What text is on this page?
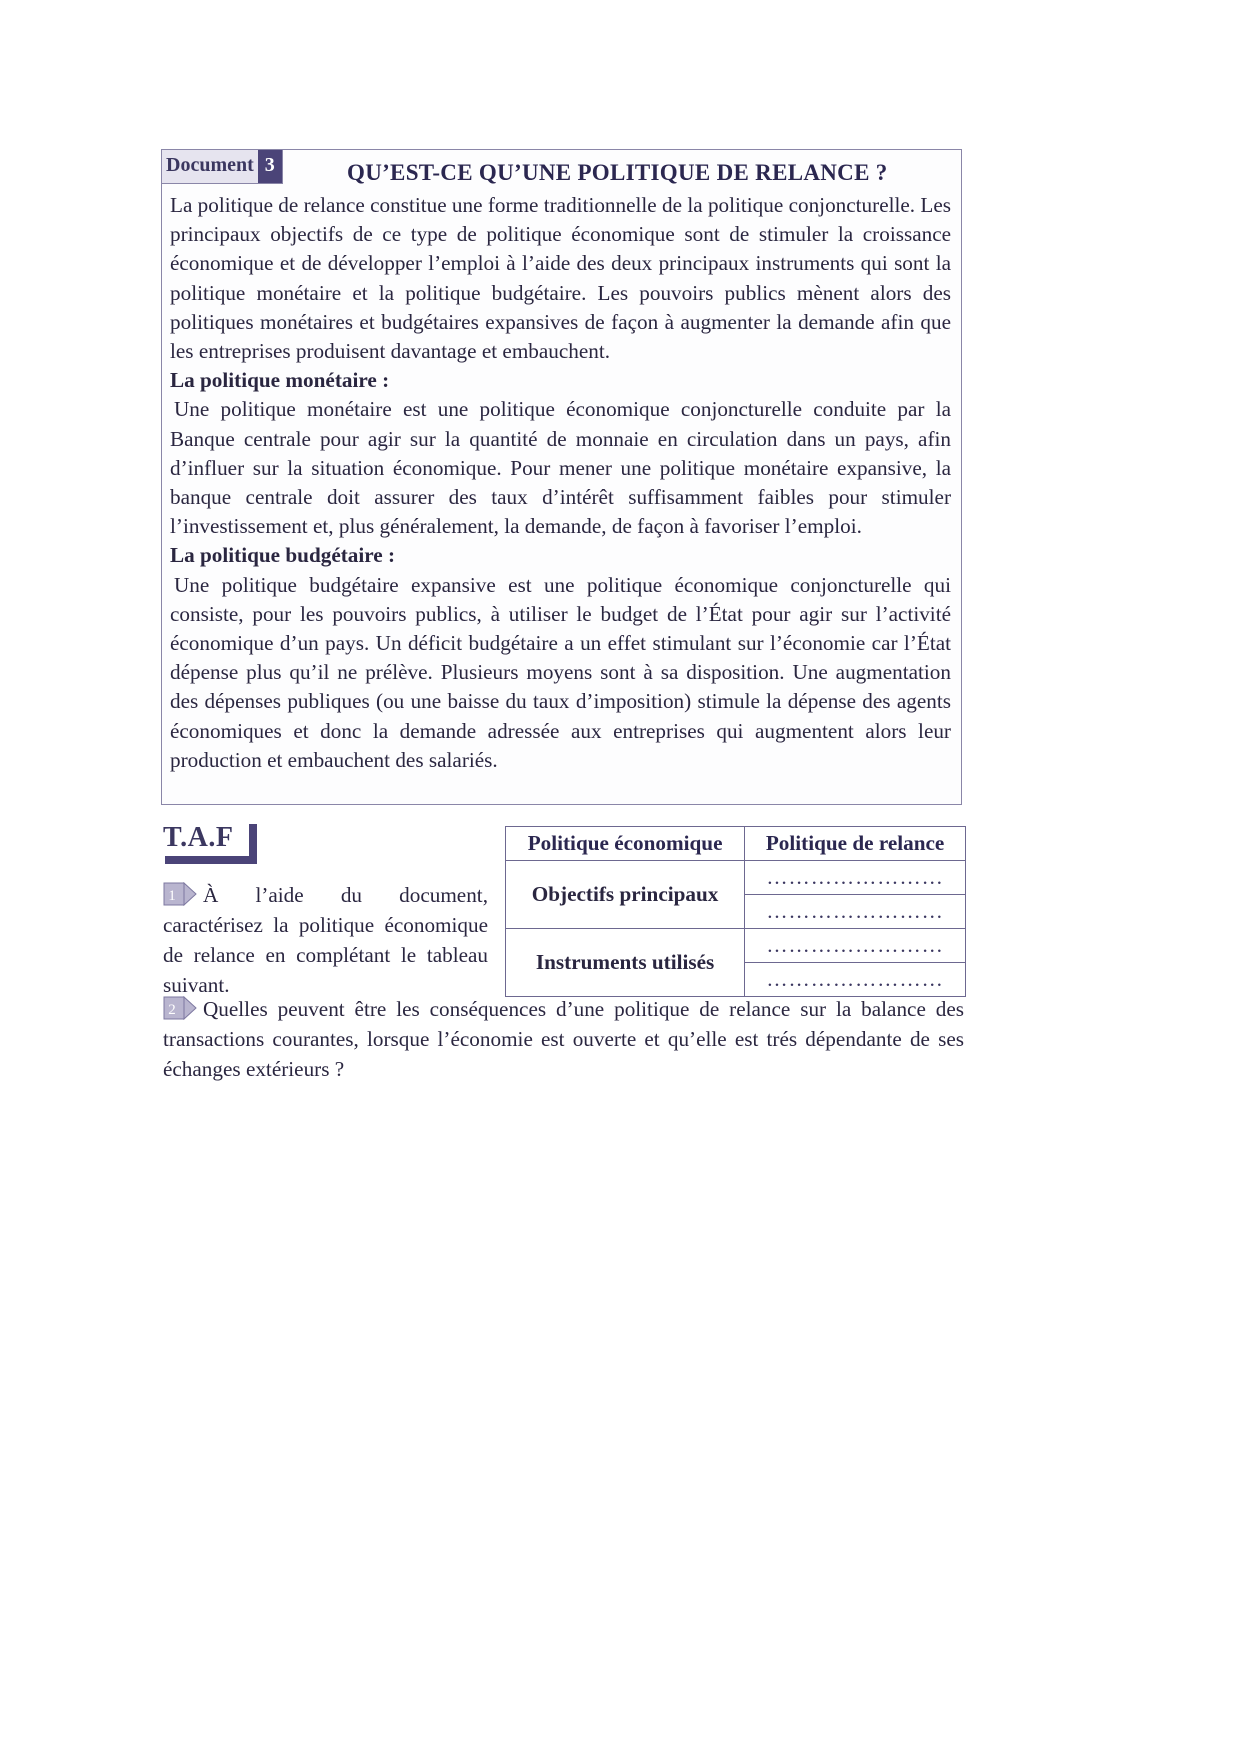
Document 3	QU’EST-CE QU’UNE POLITIQUE DE RELANCE ?

La politique de relance constitue une forme traditionnelle de la politique conjoncturelle. Les principaux objectifs de ce type de politique économique sont de stimuler la croissance économique et de développer l’emploi à l’aide des deux principaux instruments qui sont la politique monétaire et la politique budgétaire. Les pouvoirs publics mènent alors des politiques monétaires et budgétaires expansives de façon à augmenter la demande afin que les entreprises produisent davantage et embauchent.

La politique monétaire :

Une politique monétaire est une politique économique conjoncturelle conduite par la Banque centrale pour agir sur la quantité de monnaie en circulation dans un pays, afin d’influer sur la situation économique. Pour mener une politique monétaire expansive, la banque centrale doit assurer des taux d’intérêt suffisamment faibles pour stimuler l’investissement et, plus généralement, la demande, de façon à favoriser l’emploi.

La politique budgétaire :

Une politique budgétaire expansive est une politique économique conjoncturelle qui consiste, pour les pouvoirs publics, à utiliser le budget de l’État pour agir sur l’activité économique d’un pays. Un déficit budgétaire a un effet stimulant sur l’économie car l’État dépense plus qu’il ne prélève. Plusieurs moyens sont à sa disposition. Une augmentation des dépenses publiques (ou une baisse du taux d’imposition) stimule la dépense des agents économiques et donc la demande adressée aux entreprises qui augmentent alors leur production et embauchent des salariés.

T.A.F
1 À l’aide du document, caractérisez la politique économique de relance en complétant le tableau suivant.
Politique économique	Politique de relance
Objectifs principaux	……………………
	……………………
Instruments utilisés	……………………
	……………………
2 Quelles peuvent être les conséquences d’une politique de relance sur la balance des transactions courantes, lorsque l’économie est ouverte et qu’elle est trés dépendante de ses échanges extérieurs ?
